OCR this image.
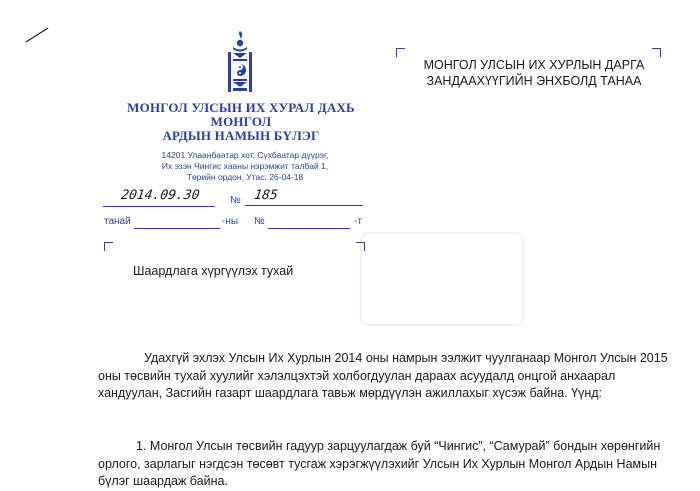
МОНГОЛ УЛСЫН ИХ ХУРАЛ ДАХЬ
МОНГОЛ
АРДЫН НАМЫН БҮЛЭГ
14201 Улаанбаатар хот, Сүхбаатар дүүрэг,
Их эзэн Чингис хааны нэрэмжит талбай 1,
Төрийн ордон, Утас: 26-04-18
2014.09.30	№ 185
танай	-ны №	-т
МОНГОЛ УЛСЫН ИХ ХУРЛЫН ДАРГА
ЗАНДААХҮҮГИЙН ЭНХБОЛД ТАНАА
Шаардлага хүргүүлэх тухай
Удахгүй эхлэх Улсын Их Хурлын 2014 оны намрын ээлжит чуулганаар Монгол Улсын 2015 оны төсвийн тухай хуулийг хэлэлцэхтэй холбогдуулан дараах асуудалд онцгой анхаарал хандуулан, Засгийн газарт шаардлага тавьж мөрдүүлэн ажиллахыг хүсэж байна. Үүнд:
1. Монгол Улсын төсвийн гадуур зарцуулагдаж буй “Чингис”, “Самурай” бондын хөрөнгийн орлого, зарлагыг нэгдсэн төсөвт тусгаж хэрэгжүүлэхийг Улсын Их Хурлын Монгол Ардын Намын бүлэг шаардаж байна.
